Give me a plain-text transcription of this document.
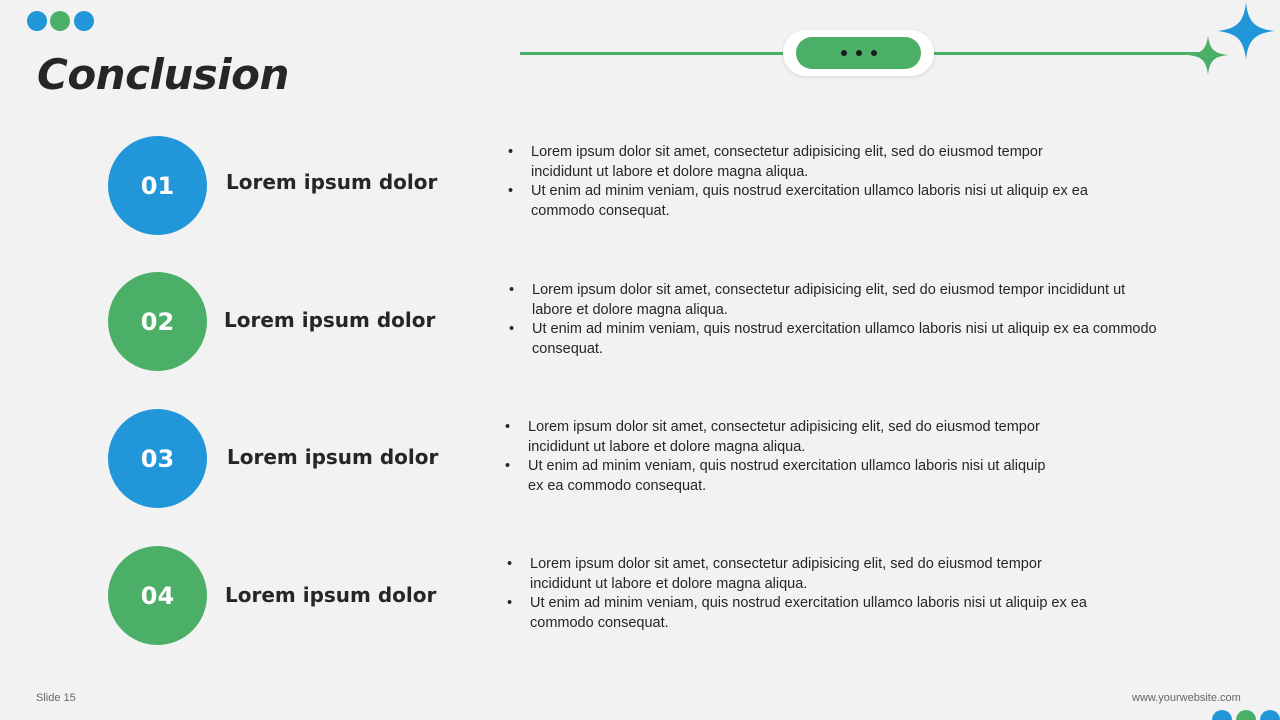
Conclusion
01	Lorem ipsum dolor
• Lorem ipsum dolor sit amet, consectetur adipisicing elit, sed do eiusmod tempor incididunt ut labore et dolore magna aliqua.
• Ut enim ad minim veniam, quis nostrud exercitation ullamco laboris nisi ut aliquip ex ea commodo consequat.
02 Lorem ipsum dolor
• Lorem ipsum dolor sit amet, consectetur adipisicing elit, sed do eiusmod tempor incididunt ut labore et dolore magna aliqua.
• Ut enim ad minim veniam, quis nostrud exercitation ullamco laboris nisi ut aliquip ex ea commodo consequat.
03	Lorem ipsum dolor
• Lorem ipsum dolor sit amet, consectetur adipisicing elit, sed do eiusmod tempor incididunt ut labore et dolore magna aliqua.
• Ut enim ad minim veniam, quis nostrud exercitation ullamco laboris nisi ut aliquip ex ea commodo consequat.
04	Lorem ipsum dolor
• Lorem ipsum dolor sit amet, consectetur adipisicing elit, sed do eiusmod tempor incididunt ut labore et dolore magna aliqua.
• Ut enim ad minim veniam, quis nostrud exercitation ullamco laboris nisi ut aliquip ex ea commodo consequat.
Slide 15	www.yourwebsite.com
